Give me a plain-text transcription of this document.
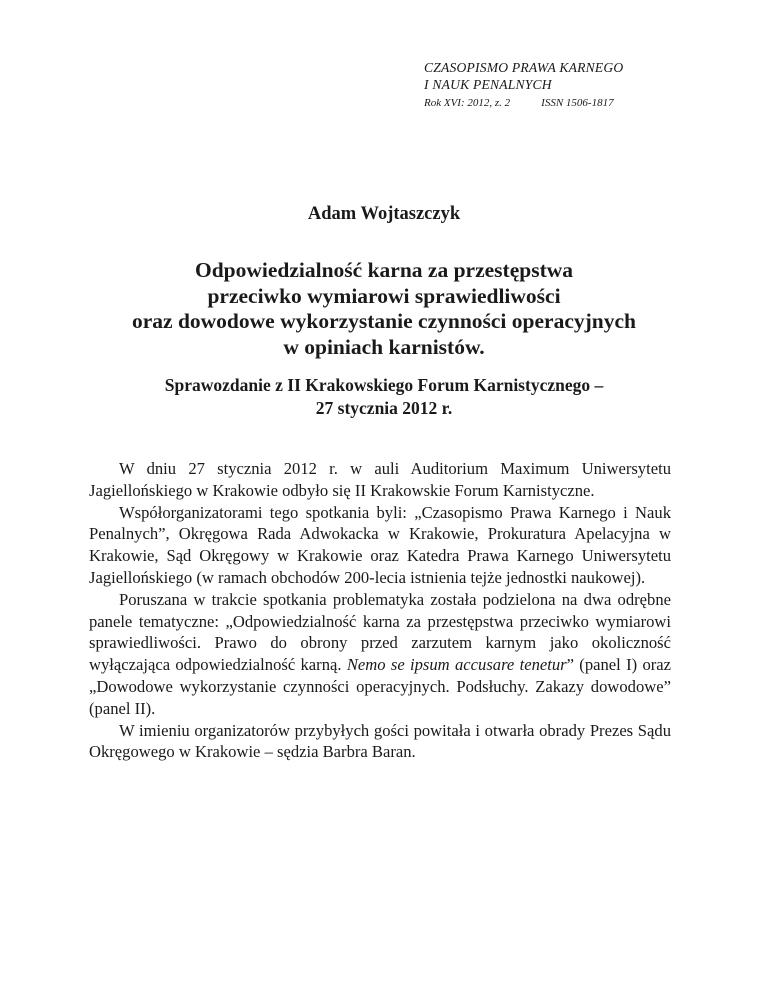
CZASOPISMO PRAWA KARNEGO
I NAUK PENALNYCH
Rok XVI: 2012, z. 2	ISSN 1506-1817
Adam Wojtaszczyk
Odpowiedzialność karna za przestępstwa
przeciwko wymiarowi sprawiedliwości
oraz dowodowe wykorzystanie czynności operacyjnych
w opiniach karnistów.
Sprawozdanie z II Krakowskiego Forum Karnistycznego –
27 stycznia 2012 r.

W dniu 27 stycznia 2012 r. w auli Auditorium Maximum Uniwersytetu Jagiellońskiego w Krakowie odbyło się II Krakowskie Forum Karnistyczne.

Współorganizatorami tego spotkania byli: „Czasopismo Prawa Karnego i Nauk Penalnych”, Okręgowa Rada Adwokacka w Krakowie, Prokuratura Apelacyjna w Krakowie, Sąd Okręgowy w Krakowie oraz Katedra Prawa Karnego Uniwersytetu Jagiellońskiego (w ramach obchodów 200-lecia istnienia tejże jednostki naukowej).

Poruszana w trakcie spotkania problematyka została podzielona na dwa odrębne panele tematyczne: „Odpowiedzialność karna za przestępstwa przeciwko wymiarowi sprawiedliwości. Prawo do obrony przed zarzutem karnym jako okoliczność wyłączająca odpowiedzialność karną. Nemo se ipsum accusare tenetur” (panel I) oraz „Dowodowe wykorzystanie czynności operacyjnych. Podsłuchy. Zakazy dowodowe” (panel II).

W imieniu organizatorów przybyłych gości powitała i otwarła obrady Prezes Sądu Okręgowego w Krakowie – sędzia Barbra Baran.
